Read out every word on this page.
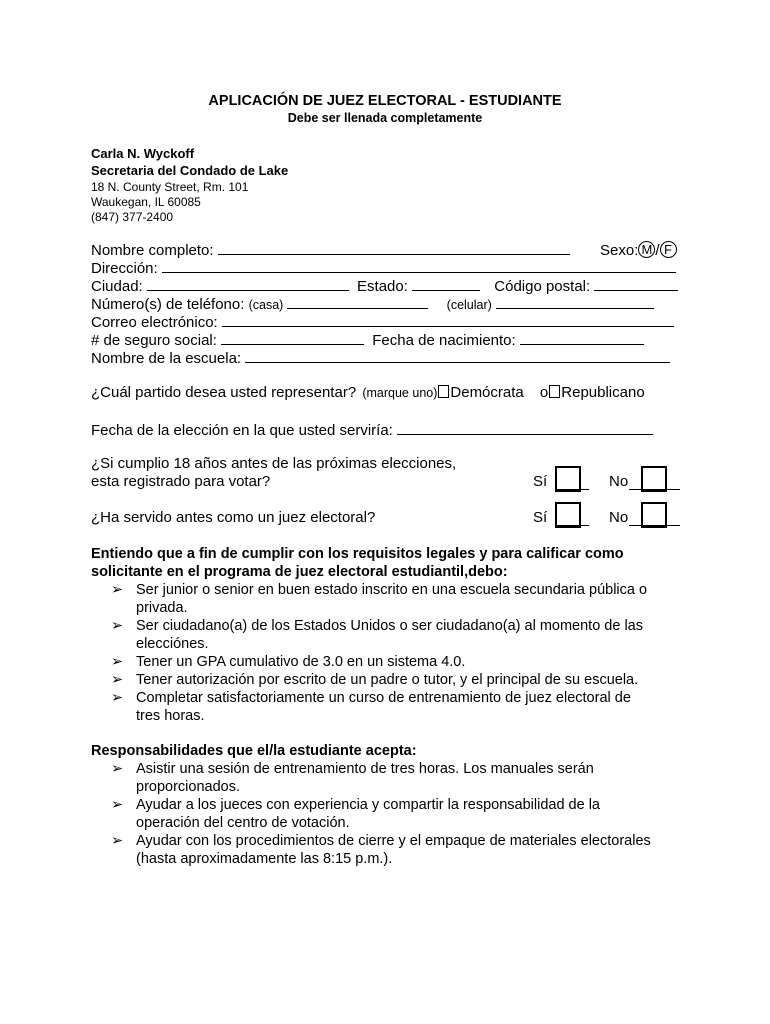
APLICACIÓN DE JUEZ ELECTORAL - ESTUDIANTE
Debe ser llenada completamente
Carla N. Wyckoff
Secretaria del Condado de Lake
18 N. County Street, Rm. 101
Waukegan, IL 60085
(847) 377-2400
Nombre completo:	Sexo: M / F
Dirección:
Ciudad:	Estado:	Código postal:
Número(s) de teléfono: (casa)	(celular)
Correo electrónico:
# de seguro social:	Fecha de nacimiento:
Nombre de la escuela:
¿Cuál partido desea usted representar? (marque uno) Demócrata o Republicano
Fecha de la elección en la que usted serviría:
¿Si cumplio 18 años antes de las próximas elecciones,
esta registrado para votar?	Sí	No
¿Ha servido antes como un juez electoral?	Sí	No
Entiendo que a fin de cumplir con los requisitos legales y para calificar como
solicitante en el programa de juez electoral estudiantil,debo:
➢ Ser junior o senior en buen estado inscrito en una escuela secundaria pública o
privada.
➢ Ser ciudadano(a) de los Estados Unidos o ser ciudadano(a) al momento de las
elecciónes.
➢ Tener un GPA cumulativo de 3.0 en un sistema 4.0.
➢ Tener autorización por escrito de un padre o tutor, y el principal de su escuela.
➢ Completar satisfactoriamente un curso de entrenamiento de juez electoral de
tres horas.
Responsabilidades que el/la estudiante acepta:
➢ Asistir una sesión de entrenamiento de tres horas. Los manuales serán
proporcionados.
➢ Ayudar a los jueces con experiencia y compartir la responsabilidad de la
operación del centro de votación.
➢ Ayudar con los procedimientos de cierre y el empaque de materiales electorales
(hasta aproximadamente las 8:15 p.m.).
